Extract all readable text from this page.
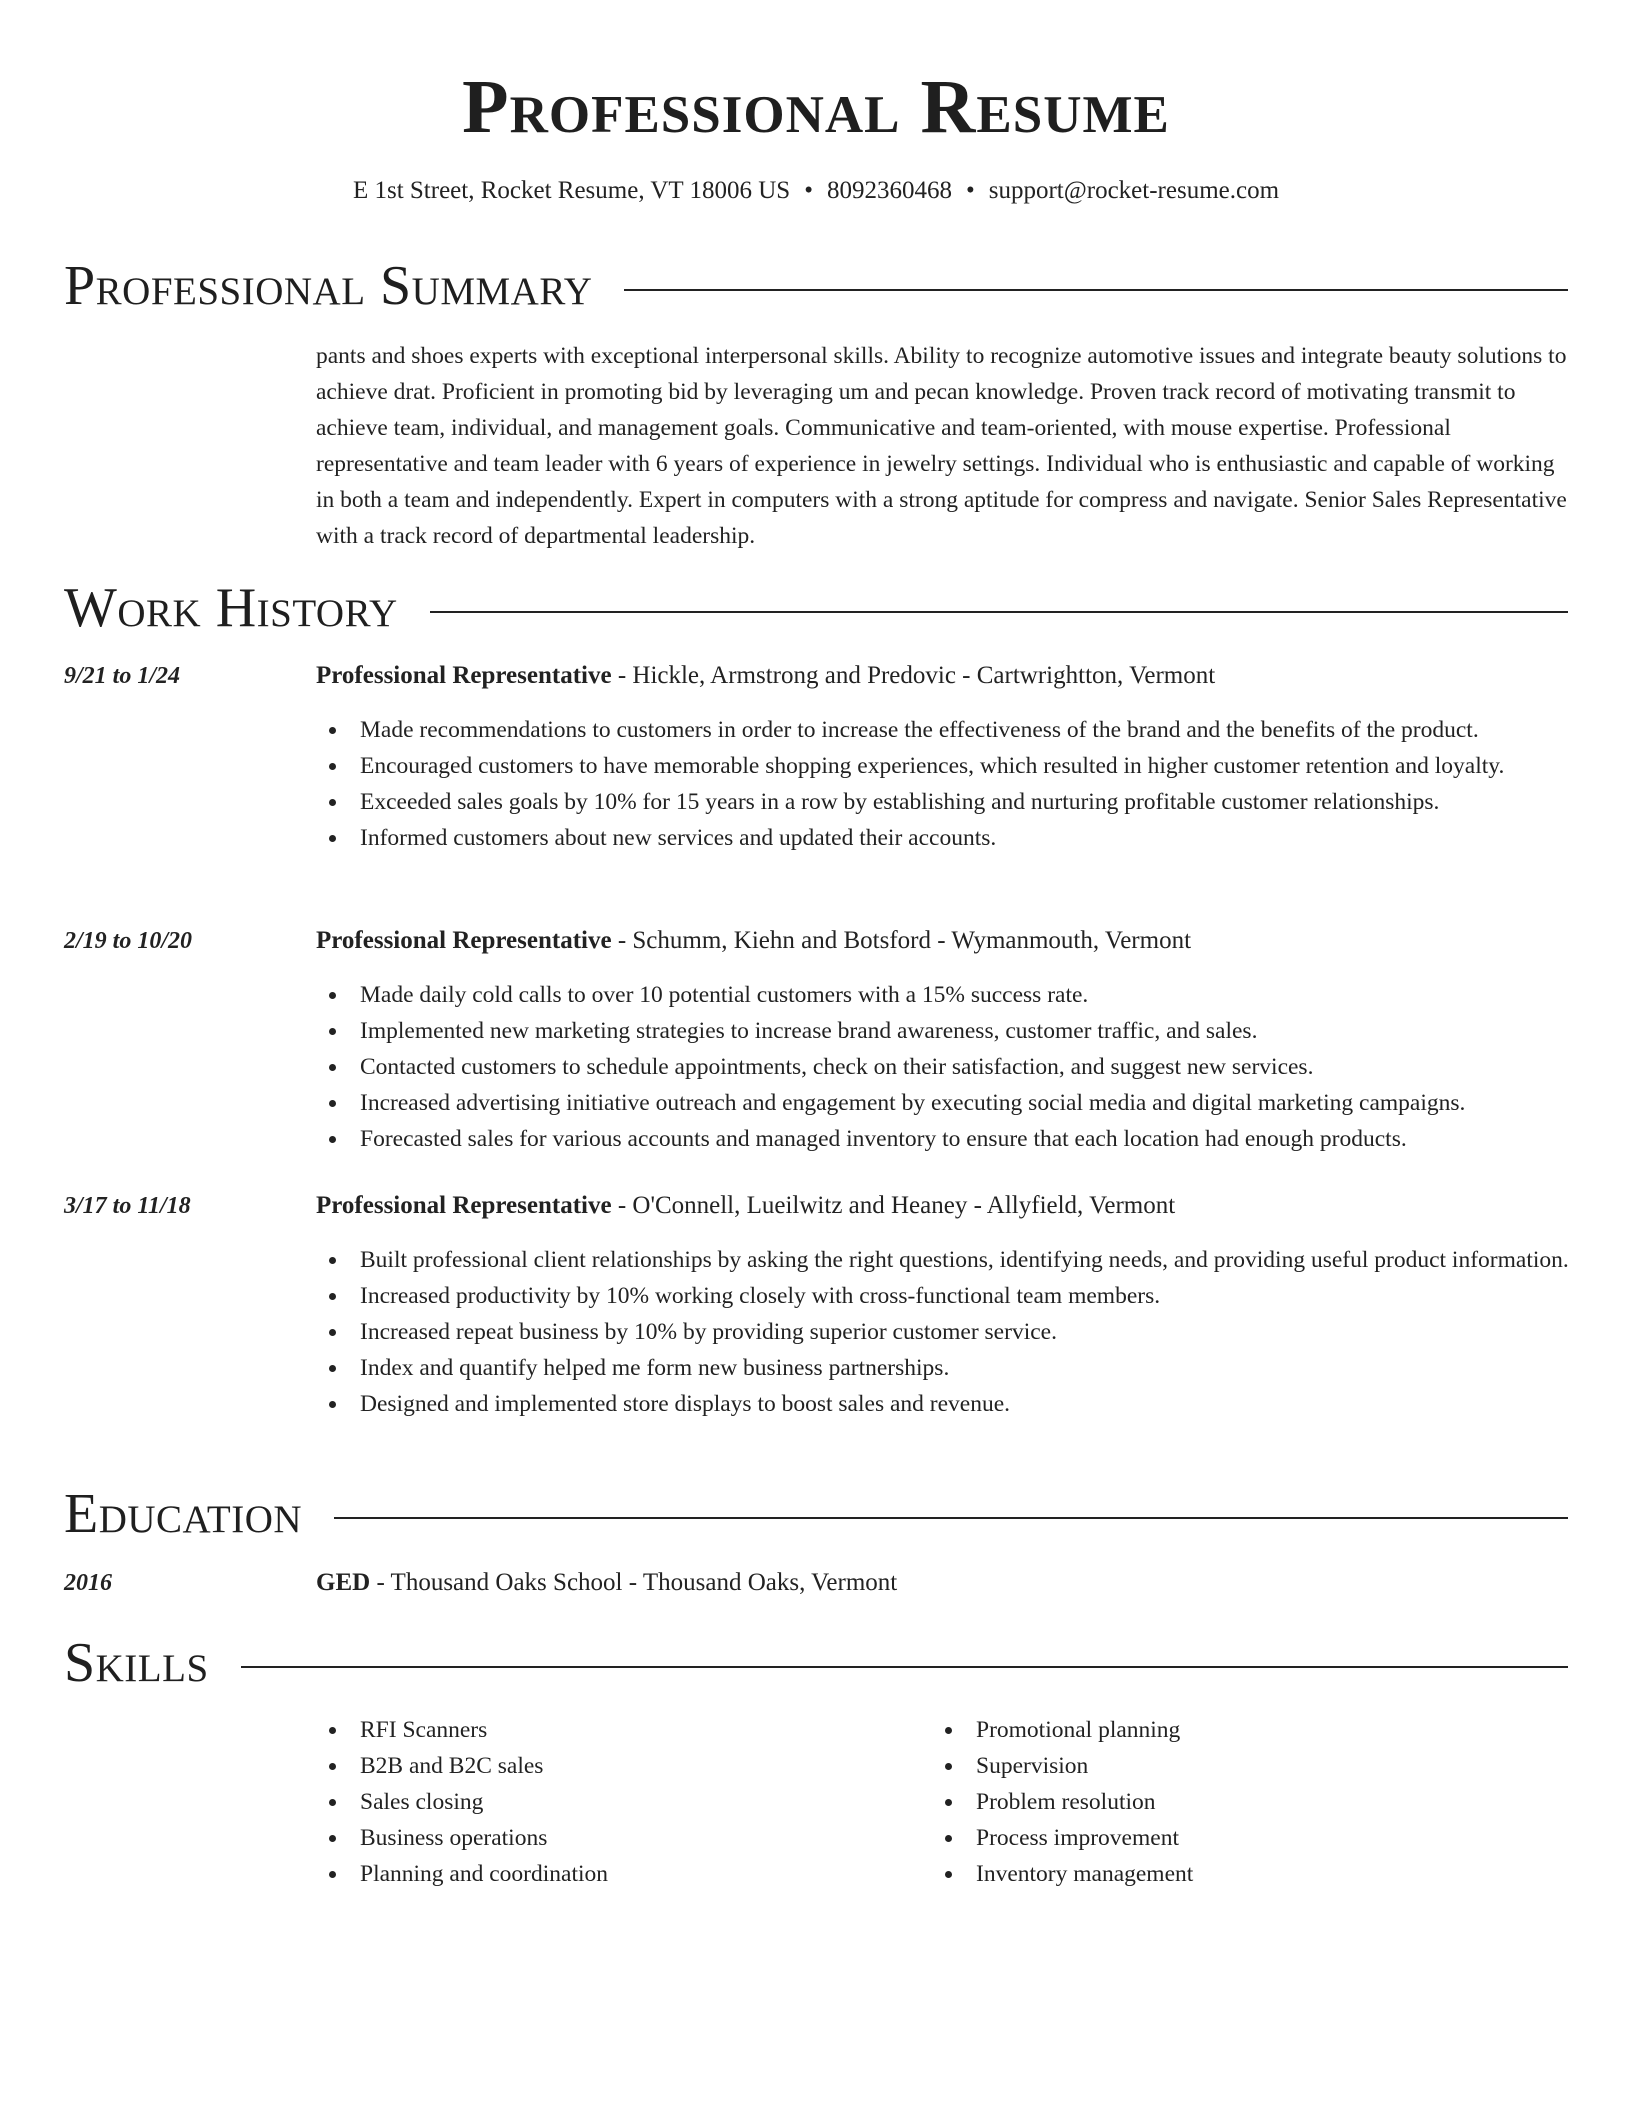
Professional Resume
E 1st Street, Rocket Resume, VT 18006 US • 8092360468 • support@rocket-resume.com
Professional Summary

pants and shoes experts with exceptional interpersonal skills. Ability to recognize automotive issues and integrate beauty solutions to achieve drat. Proficient in promoting bid by leveraging um and pecan knowledge. Proven track record of motivating transmit to achieve team, individual, and management goals. Communicative and team-oriented, with mouse expertise. Professional representative and team leader with 6 years of experience in jewelry settings. Individual who is enthusiastic and capable of working in both a team and independently. Expert in computers with a strong aptitude for compress and navigate. Senior Sales Representative with a track record of departmental leadership.

Work History
9/21 to 1/24	Professional Representative - Hickle, Armstrong and Predovic - Cartwrightton, Vermont
Made recommendations to customers in order to increase the effectiveness of the brand and the benefits of the product.
Encouraged customers to have memorable shopping experiences, which resulted in higher customer retention and loyalty.
Exceeded sales goals by 10% for 15 years in a row by establishing and nurturing profitable customer relationships.
Informed customers about new services and updated their accounts.
2/19 to 10/20	Professional Representative - Schumm, Kiehn and Botsford - Wymanmouth, Vermont
Made daily cold calls to over 10 potential customers with a 15% success rate.
Implemented new marketing strategies to increase brand awareness, customer traffic, and sales.
Contacted customers to schedule appointments, check on their satisfaction, and suggest new services.
Increased advertising initiative outreach and engagement by executing social media and digital marketing campaigns.
Forecasted sales for various accounts and managed inventory to ensure that each location had enough products.
3/17 to 11/18	Professional Representative - O'Connell, Lueilwitz and Heaney - Allyfield, Vermont
Built professional client relationships by asking the right questions, identifying needs, and providing useful product information.
Increased productivity by 10% working closely with cross-functional team members.
Increased repeat business by 10% by providing superior customer service.
Index and quantify helped me form new business partnerships.
Designed and implemented store displays to boost sales and revenue.
Education
2016	GED - Thousand Oaks School - Thousand Oaks, Vermont
Skills
RFI Scanners
B2B and B2C sales
Sales closing
Business operations
Planning and coordination
Promotional planning
Supervision
Problem resolution
Process improvement
Inventory management
